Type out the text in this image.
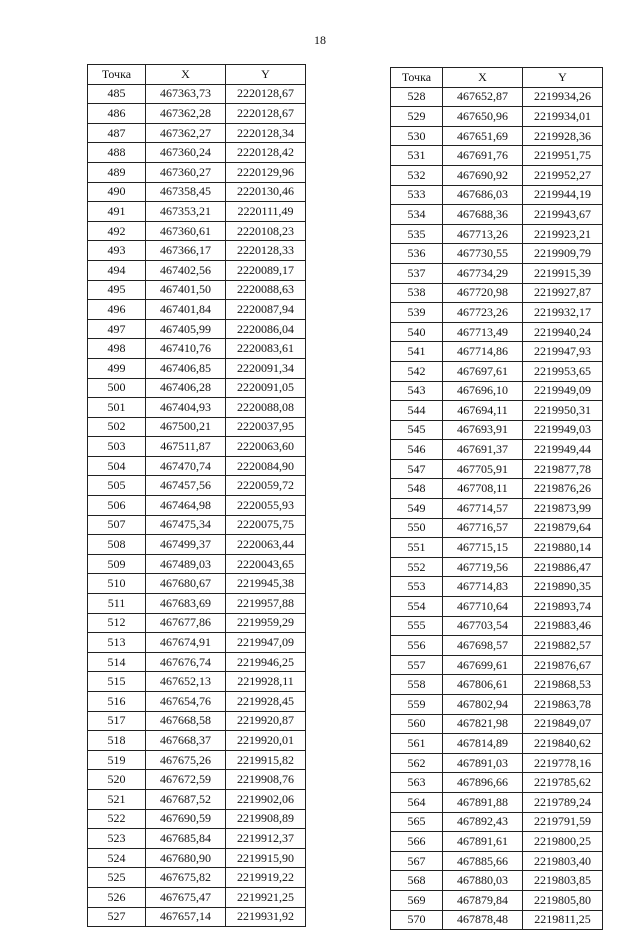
18
Точка	X	Y
485	467363,73	2220128,67
486	467362,28	2220128,67
487	467362,27	2220128,34
488	467360,24	2220128,42
489	467360,27	2220129,96
490	467358,45	2220130,46
491	467353,21	2220111,49
492	467360,61	2220108,23
493	467366,17	2220128,33
494	467402,56	2220089,17
495	467401,50	2220088,63
496	467401,84	2220087,94
497	467405,99	2220086,04
498	467410,76	2220083,61
499	467406,85	2220091,34
500	467406,28	2220091,05
501	467404,93	2220088,08
502	467500,21	2220037,95
503	467511,87	2220063,60
504	467470,74	2220084,90
505	467457,56	2220059,72
506	467464,98	2220055,93
507	467475,34	2220075,75
508	467499,37	2220063,44
509	467489,03	2220043,65
510	467680,67	2219945,38
511	467683,69	2219957,88
512	467677,86	2219959,29
513	467674,91	2219947,09
514	467676,74	2219946,25
515	467652,13	2219928,11
516	467654,76	2219928,45
517	467668,58	2219920,87
518	467668,37	2219920,01
519	467675,26	2219915,82
520	467672,59	2219908,76
521	467687,52	2219902,06
522	467690,59	2219908,89
523	467685,84	2219912,37
524	467680,90	2219915,90
525	467675,82	2219919,22
526	467675,47	2219921,25
527	467657,14	2219931,92
Точка	X	Y
528	467652,87	2219934,26
529	467650,96	2219934,01
530	467651,69	2219928,36
531	467691,76	2219951,75
532	467690,92	2219952,27
533	467686,03	2219944,19
534	467688,36	2219943,67
535	467713,26	2219923,21
536	467730,55	2219909,79
537	467734,29	2219915,39
538	467720,98	2219927,87
539	467723,26	2219932,17
540	467713,49	2219940,24
541	467714,86	2219947,93
542	467697,61	2219953,65
543	467696,10	2219949,09
544	467694,11	2219950,31
545	467693,91	2219949,03
546	467691,37	2219949,44
547	467705,91	2219877,78
548	467708,11	2219876,26
549	467714,57	2219873,99
550	467716,57	2219879,64
551	467715,15	2219880,14
552	467719,56	2219886,47
553	467714,83	2219890,35
554	467710,64	2219893,74
555	467703,54	2219883,46
556	467698,57	2219882,57
557	467699,61	2219876,67
558	467806,61	2219868,53
559	467802,94	2219863,78
560	467821,98	2219849,07
561	467814,89	2219840,62
562	467891,03	2219778,16
563	467896,66	2219785,62
564	467891,88	2219789,24
565	467892,43	2219791,59
566	467891,61	2219800,25
567	467885,66	2219803,40
568	467880,03	2219803,85
569	467879,84	2219805,80
570	467878,48	2219811,25
